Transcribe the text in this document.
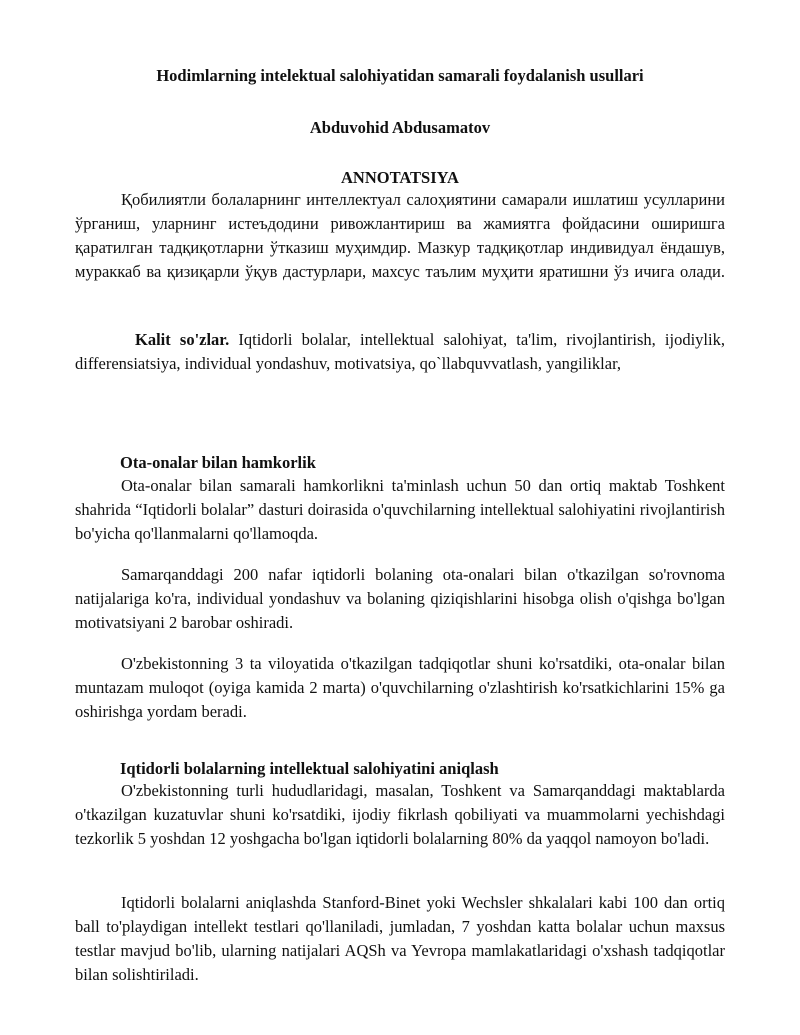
Hodimlarning intelektual salohiyatidan samarali foydalanish usullari
Abduvohid Abdusamatov
ANNOTATSIYA
Қобилиятли болаларнинг интеллектуал салоҳиятини самарали ишлатиш усулларини ўрганиш, уларнинг истеъдодини ривожлантириш ва жамиятга фойдасини оширишга қаратилган тадқиқотларни ўтказиш муҳимдир. Мазкур тадқиқотлар индивидуал ёндашув, мураккаб ва қизиқарли ўқув дастурлари, махсус таълим муҳити яратишни ўз ичига олади.
Kalit so'zlar. Iqtidorli bolalar, intellektual salohiyat, ta'lim, rivojlantirish, ijodiylik, differensiatsiya, individual yondashuv, motivatsiya, qo`llabquvvatlash, yangiliklar,
Ota-onalar bilan hamkorlik
Ota-onalar bilan samarali hamkorlikni ta'minlash uchun 50 dan ortiq maktab Toshkent shahrida “Iqtidorli bolalar” dasturi doirasida o'quvchilarning intellektual salohiyatini rivojlantirish bo'yicha qo'llanmalarni qo'llamoqda.
Samarqanddagi 200 nafar iqtidorli bolaning ota-onalari bilan o'tkazilgan so'rovnoma natijalariga ko'ra, individual yondashuv va bolaning qiziqishlarini hisobga olish o'qishga bo'lgan motivatsiyani 2 barobar oshiradi.
O'zbekistonning 3 ta viloyatida o'tkazilgan tadqiqotlar shuni ko'rsatdiki, ota-onalar bilan muntazam muloqot (oyiga kamida 2 marta) o'quvchilarning o'zlashtirish ko'rsatkichlarini 15% ga oshirishga yordam beradi.
Iqtidorli bolalarning intellektual salohiyatini aniqlash
O'zbekistonning turli hududlaridagi, masalan, Toshkent va Samarqanddagi maktablarda o'tkazilgan kuzatuvlar shuni ko'rsatdiki, ijodiy fikrlash qobiliyati va muammolarni yechishdagi tezkorlik 5 yoshdan 12 yoshgacha bo'lgan iqtidorli bolalarning 80% da yaqqol namoyon bo'ladi.
Iqtidorli bolalarni aniqlashda Stanford-Binet yoki Wechsler shkalalari kabi 100 dan ortiq ball to'playdigan intellekt testlari qo'llaniladi, jumladan, 7 yoshdan katta bolalar uchun maxsus testlar mavjud bo'lib, ularning natijalari AQSh va Yevropa mamlakatlaridagi o'xshash tadqiqotlar bilan solishtiriladi.
